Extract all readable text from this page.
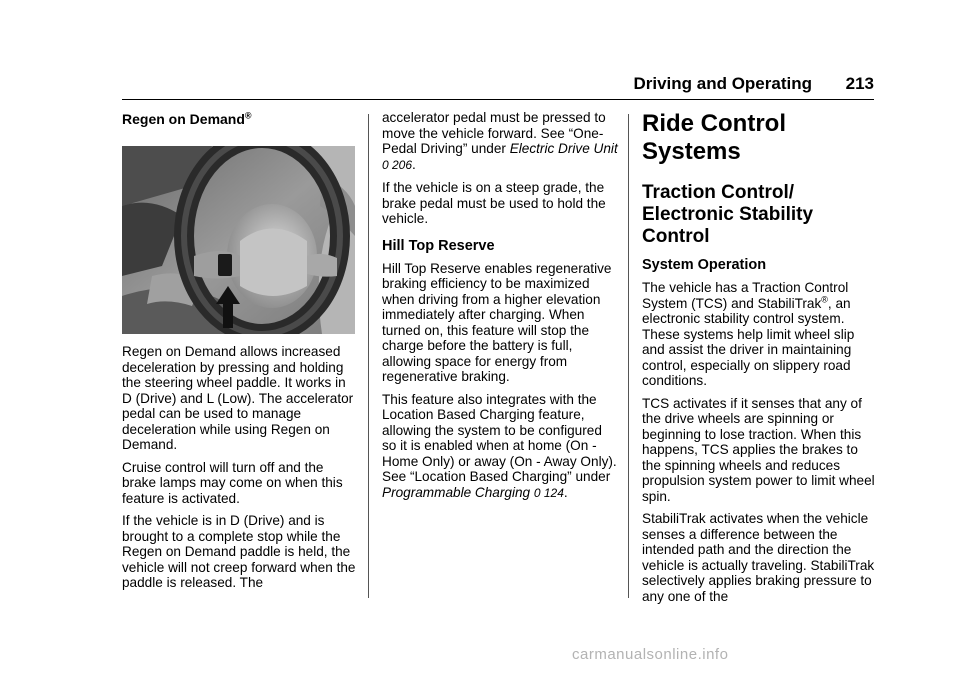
Driving and Operating 213
Regen on Demand®

Regen on Demand allows increased deceleration by pressing and holding the steering wheel paddle. It works in D (Drive) and L (Low). The accelerator pedal can be used to manage deceleration while using Regen on Demand.

Cruise control will turn off and the brake lamps may come on when this feature is activated.

If the vehicle is in D (Drive) and is brought to a complete stop while the Regen on Demand paddle is held, the vehicle will not creep forward when the paddle is released. The

accelerator pedal must be pressed to move the vehicle forward. See “One-Pedal Driving” under Electric Drive Unit 0 206.

If the vehicle is on a steep grade, the brake pedal must be used to hold the vehicle.

Hill Top Reserve

Hill Top Reserve enables regenerative braking efficiency to be maximized when driving from a higher elevation immediately after charging. When turned on, this feature will stop the charge before the battery is full, allowing space for energy from regenerative braking.

This feature also integrates with the Location Based Charging feature, allowing the system to be configured so it is enabled when at home (On - Home Only) or away (On - Away Only). See “Location Based Charging” under Programmable Charging 0 124.

Ride Control Systems
Traction Control/ Electronic Stability Control
System Operation

The vehicle has a Traction Control System (TCS) and StabiliTrak®, an electronic stability control system. These systems help limit wheel slip and assist the driver in maintaining control, especially on slippery road conditions.

TCS activates if it senses that any of the drive wheels are spinning or beginning to lose traction. When this happens, TCS applies the brakes to the spinning wheels and reduces propulsion system power to limit wheel spin.

StabiliTrak activates when the vehicle senses a difference between the intended path and the direction the vehicle is actually traveling. StabiliTrak selectively applies braking pressure to any one of the

carmanualsonline.info
